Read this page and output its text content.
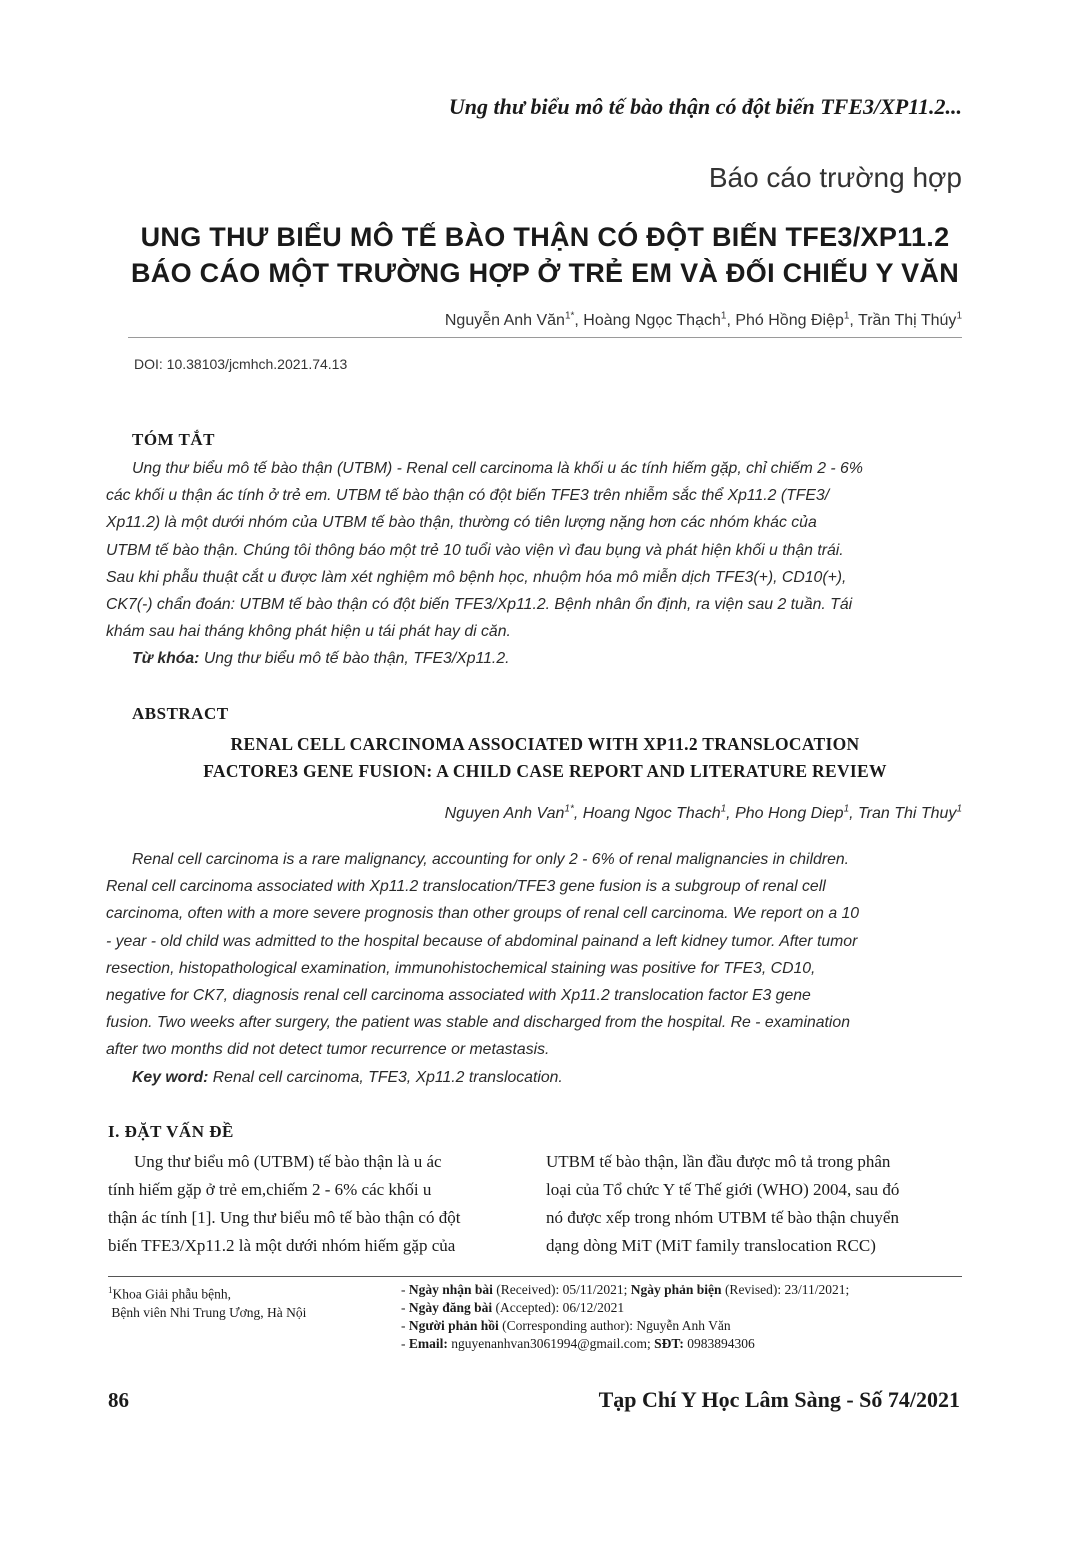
Ung thư biểu mô tế bào thận có đột biến TFE3/XP11.2...
Báo cáo trường hợp
UNG THƯ BIỂU MÔ TẾ BÀO THẬN CÓ ĐỘT BIẾN TFE3/XP11.2
BÁO CÁO MỘT TRƯỜNG HỢP Ở TRẺ EM VÀ ĐỐI CHIẾU Y VĂN
Nguyễn Anh Văn$^{1*}$, Hoàng Ngọc Thạch$^1$, Phó Hồng Điệp$^1$, Trần Thị Thúy$^1$
DOI: 10.38103/jcmhch.2021.74.13
TÓM TẮT
Ung thư biểu mô tế bào thận (UTBM) - Renal cell carcinoma là khối u ác tính hiếm gặp, chỉ chiếm 2 - 6%
các khối u thận ác tính ở trẻ em. UTBM tế bào thận có đột biến TFE3 trên nhiễm sắc thể Xp11.2 (TFE3/
Xp11.2) là một dưới nhóm của UTBM tế bào thận, thường có tiên lượng nặng hơn các nhóm khác của
UTBM tế bào thận. Chúng tôi thông báo một trẻ 10 tuổi vào viện vì đau bụng và phát hiện khối u thận trái.
Sau khi phẫu thuật cắt u được làm xét nghiệm mô bệnh học, nhuộm hóa mô miễn dịch TFE3(+), CD10(+),
CK7(-) chẩn đoán: UTBM tế bào thận có đột biến TFE3/Xp11.2. Bệnh nhân ổn định, ra viện sau 2 tuần. Tái
khám sau hai tháng không phát hiện u tái phát hay di căn.
Từ khóa: Ung thư biểu mô tế bào thận, TFE3/Xp11.2.
ABSTRACT
RENAL CELL CARCINOMA ASSOCIATED WITH XP11.2 TRANSLOCATION
FACTORE3 GENE FUSION: A CHILD CASE REPORT AND LITERATURE REVIEW
Nguyen Anh Van$^{1*}$, Hoang Ngoc Thach$^1$, Pho Hong Diep$^1$, Tran Thi Thuy$^1$
Renal cell carcinoma is a rare malignancy, accounting for only 2 - 6% of renal malignancies in children.
Renal cell carcinoma associated with Xp11.2 translocation/TFE3 gene fusion is a subgroup of renal cell
carcinoma, often with a more severe prognosis than other groups of renal cell carcinoma. We report on a 10
- year - old child was admitted to the hospital because of abdominal painand a left kidney tumor. After tumor
resection, histopathological examination, immunohistochemical staining was positive for TFE3, CD10,
negative for CK7, diagnosis renal cell carcinoma associated with Xp11.2 translocation factor E3 gene
fusion. Two weeks after surgery, the patient was stable and discharged from the hospital. Re - examination
after two months did not detect tumor recurrence or metastasis.
Key word: Renal cell carcinoma, TFE3, Xp11.2 translocation.
I. ĐẶT VẤN ĐỀ
Ung thư biểu mô (UTBM) tế bào thận là u ác
tính hiếm gặp ở trẻ em,chiếm 2 - 6% các khối u
thận ác tính [1]. Ung thư biểu mô tế bào thận có đột
biến TFE3/Xp11.2 là một dưới nhóm hiếm gặp của
UTBM tế bào thận, lần đầu được mô tả trong phân
loại của Tổ chức Y tế Thế giới (WHO) 2004, sau đó
nó được xếp trong nhóm UTBM tế bào thận chuyển
dạng dòng MiT (MiT family translocation RCC)
$^1$Khoa Giải phẫu bệnh,
Bệnh viên Nhi Trung Ương, Hà Nội
- Ngày nhận bài (Received): 05/11/2021; Ngày phản biện (Revised): 23/11/2021;
- Ngày đăng bài (Accepted): 06/12/2021
- Người phản hồi (Corresponding author): Nguyễn Anh Văn
- Email: nguyenanhvan3061994@gmail.com; SĐT: 0983894306
86	Tạp Chí Y Học Lâm Sàng - Số 74/2021
